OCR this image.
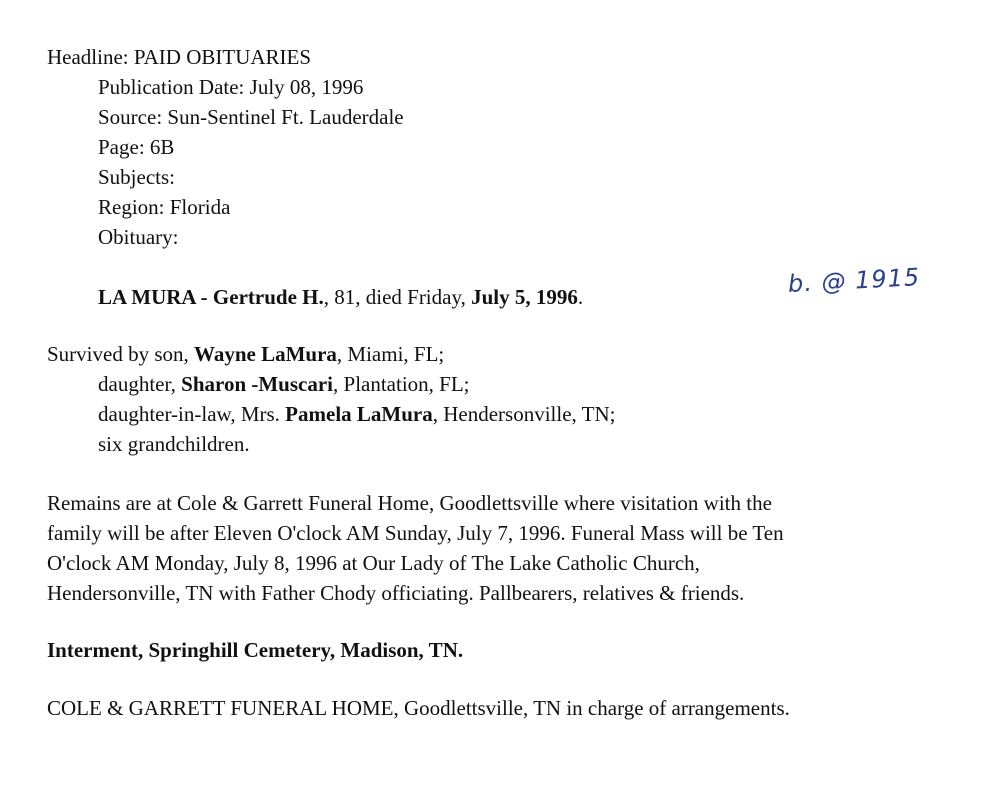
Headline: PAID OBITUARIES
Publication Date: July 08, 1996
Source: Sun-Sentinel Ft. Lauderdale
Page: 6B
Subjects:
Region: Florida
Obituary:
LA MURA - Gertrude H., 81, died Friday, July 5, 1996.	b. @ 1915
Survived by son, Wayne LaMura, Miami, FL;
daughter, Sharon -Muscari, Plantation, FL;
daughter-in-law, Mrs. Pamela LaMura, Hendersonville, TN;
six grandchildren.
Remains are at Cole & Garrett Funeral Home, Goodlettsville where visitation with the
family will be after Eleven O'clock AM Sunday, July 7, 1996. Funeral Mass will be Ten
O'clock AM Monday, July 8, 1996 at Our Lady of The Lake Catholic Church,
Hendersonville, TN with Father Chody officiating. Pallbearers, relatives & friends.
Interment, Springhill Cemetery, Madison, TN.
COLE & GARRETT FUNERAL HOME, Goodlettsville, TN in charge of arrangements.
